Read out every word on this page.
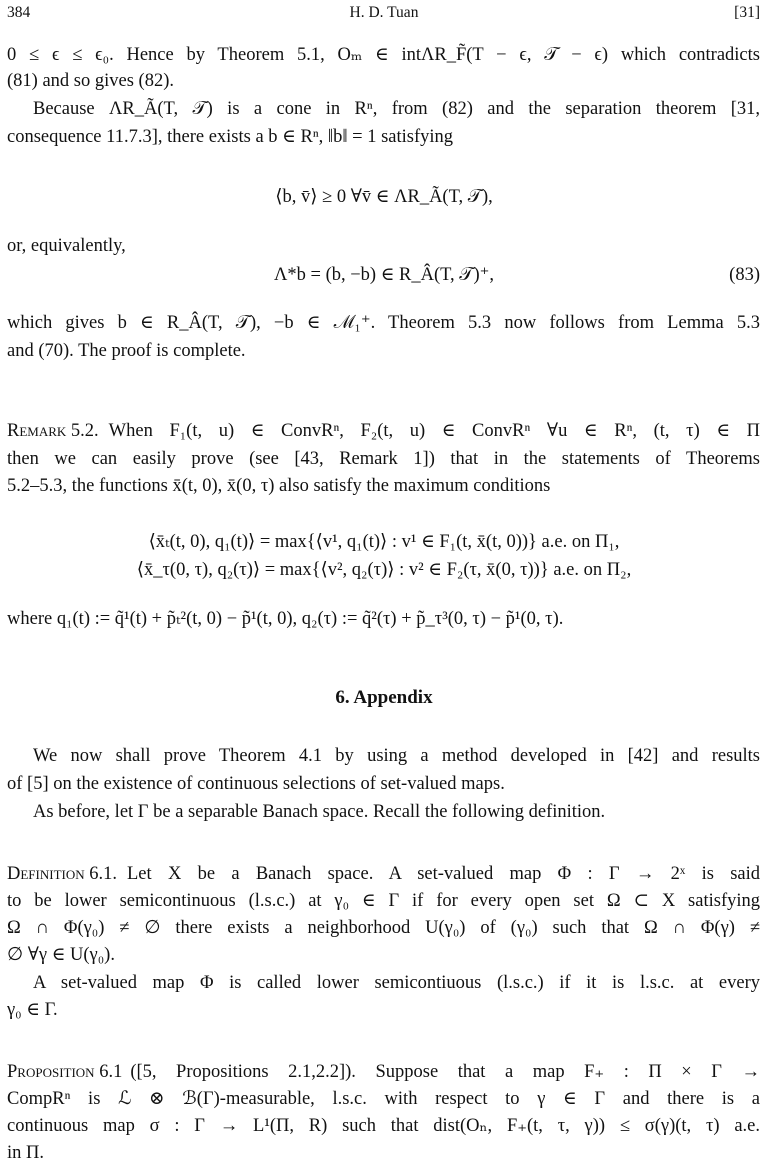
384	H. D. Tuan	[31]
0 ≤ ϵ ≤ ϵ₀. Hence by Theorem 5.1, Oₘ ∈ intΛR_F̃(T − ϵ, 𝒯 − ϵ) which contradicts
(81) and so gives (82).
Because ΛR_Ã(T, 𝒯) is a cone in Rⁿ, from (82) and the separation theorem [31,
consequence 11.7.3], there exists a b ∈ Rⁿ, ‖b‖ = 1 satisfying
⟨b, v̄⟩ ≥ 0 ∀v̄ ∈ ΛR_Ã(T, 𝒯),
or, equivalently,
Λ*b = (b, −b) ∈ R_Â(T, 𝒯)⁺,	(83)
which gives b ∈ R_Â(T, 𝒯), −b ∈ ℳ₁⁺. Theorem 5.3 now follows from Lemma 5.3
and (70). The proof is complete.
Remark 5.2. When F₁(t, u) ∈ ConvRⁿ, F₂(t, u) ∈ ConvRⁿ ∀u ∈ Rⁿ, (t, τ) ∈ Π
then we can easily prove (see [43, Remark 1]) that in the statements of Theorems
5.2–5.3, the functions x̄(t, 0), x̄(0, τ) also satisfy the maximum conditions
⟨x̄ₜ(t, 0), q₁(t)⟩ = max{⟨v¹, q₁(t)⟩ : v¹ ∈ F₁(t, x̄(t, 0))} a.e. on Π₁,
⟨x̄_τ(0, τ), q₂(τ)⟩ = max{⟨v², q₂(τ)⟩ : v² ∈ F₂(τ, x̄(0, τ))} a.e. on Π₂,
where q₁(t) := q̃¹(t) + p̃ₜ²(t, 0) − p̃¹(t, 0), q₂(τ) := q̃²(τ) + p̃_τ³(0, τ) − p̃¹(0, τ).
6. Appendix
We now shall prove Theorem 4.1 by using a method developed in [42] and results
of [5] on the existence of continuous selections of set-valued maps.
As before, let Γ be a separable Banach space. Recall the following definition.
Definition 6.1. Let X be a Banach space. A set-valued map Φ : Γ → 2ˣ is said
to be lower semicontinuous (l.s.c.) at γ₀ ∈ Γ if for every open set Ω ⊂ X satisfying
Ω ∩ Φ(γ₀) ≠ ∅ there exists a neighborhood U(γ₀) of (γ₀) such that Ω ∩ Φ(γ) ≠
∅ ∀γ ∈ U(γ₀).
A set-valued map Φ is called lower semicontiuous (l.s.c.) if it is l.s.c. at every
γ₀ ∈ Γ.
Proposition 6.1 ([5, Propositions 2.1,2.2]). Suppose that a map F₊ : Π × Γ →
CompRⁿ is ℒ ⊗ ℬ(Γ)-measurable, l.s.c. with respect to γ ∈ Γ and there is a
continuous map σ : Γ → L¹(Π, R) such that dist(Oₙ, F₊(t, τ, γ)) ≤ σ(γ)(t, τ) a.e.
in Π.
